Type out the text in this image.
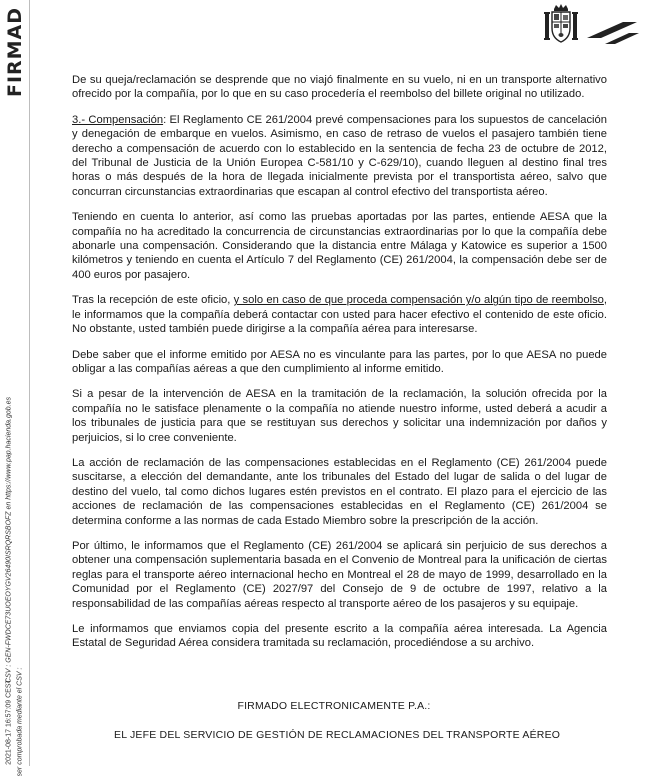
FIRMAD
CSV : GEN-FWDCE73UOEOYGV26490ISRQRSBOFZ en https://www.pap.hacienda.gob.es
2021-08-17 16:57:09 CEST ser comprobada mediante el CSV :

De su queja/reclamación se desprende que no viajó finalmente en su vuelo, ni en un transporte alternativo ofrecido por la compañía, por lo que en su caso procedería el reembolso del billete original no utilizado.

3.- Compensación: El Reglamento CE 261/2004 prevé compensaciones para los supuestos de cancelación y denegación de embarque en vuelos. Asimismo, en caso de retraso de vuelos el pasajero también tiene derecho a compensación de acuerdo con lo establecido en la sentencia de fecha 23 de octubre de 2012, del Tribunal de Justicia de la Unión Europea C-581/10 y C-629/10), cuando lleguen al destino final tres horas o más después de la hora de llegada inicialmente prevista por el transportista aéreo, salvo que concurran circunstancias extraordinarias que escapan al control efectivo del transportista aéreo.

Teniendo en cuenta lo anterior, así como las pruebas aportadas por las partes, entiende AESA que la compañía no ha acreditado la concurrencia de circunstancias extraordinarias por lo que la compañía debe abonarle una compensación. Considerando que la distancia entre Málaga y Katowice es superior a 1500 kilómetros y teniendo en cuenta el Artículo 7 del Reglamento (CE) 261/2004, la compensación debe ser de 400 euros por pasajero.

Tras la recepción de este oficio, y solo en caso de que proceda compensación y/o algún tipo de reembolso, le informamos que la compañía deberá contactar con usted para hacer efectivo el contenido de este oficio. No obstante, usted también puede dirigirse a la compañía aérea para interesarse.

Debe saber que el informe emitido por AESA no es vinculante para las partes, por lo que AESA no puede obligar a las compañías aéreas a que den cumplimiento al informe emitido.

Si a pesar de la intervención de AESA en la tramitación de la reclamación, la solución ofrecida por la compañía no le satisface plenamente o la compañía no atiende nuestro informe, usted deberá a acudir a los tribunales de justicia para que se restituyan sus derechos y solicitar una indemnización por daños y perjuicios, si lo cree conveniente.

La acción de reclamación de las compensaciones establecidas en el Reglamento (CE) 261/2004 puede suscitarse, a elección del demandante, ante los tribunales del Estado del lugar de salida o del lugar de destino del vuelo, tal como dichos lugares estén previstos en el contrato. El plazo para el ejercicio de las acciones de reclamación de las compensaciones establecidas en el Reglamento (CE) 261/2004 se determina conforme a las normas de cada Estado Miembro sobre la prescripción de la acción.

Por último, le informamos que el Reglamento (CE) 261/2004 se aplicará sin perjuicio de sus derechos a obtener una compensación suplementaria basada en el Convenio de Montreal para la unificación de ciertas reglas para el transporte aéreo internacional hecho en Montreal el 28 de mayo de 1999, desarrollado en la Comunidad por el Reglamento (CE) 2027/97 del Consejo de 9 de octubre de 1997, relativo a la responsabilidad de las compañías aéreas respecto al transporte aéreo de los pasajeros y su equipaje.

Le informamos que enviamos copia del presente escrito a la compañía aérea interesada. La Agencia Estatal de Seguridad Aérea considera tramitada su reclamación, procediéndose a su archivo.

FIRMADO ELECTRONICAMENTE P.A.:
EL JEFE DEL SERVICIO DE GESTIÓN DE RECLAMACIONES DEL TRANSPORTE AÉREO
